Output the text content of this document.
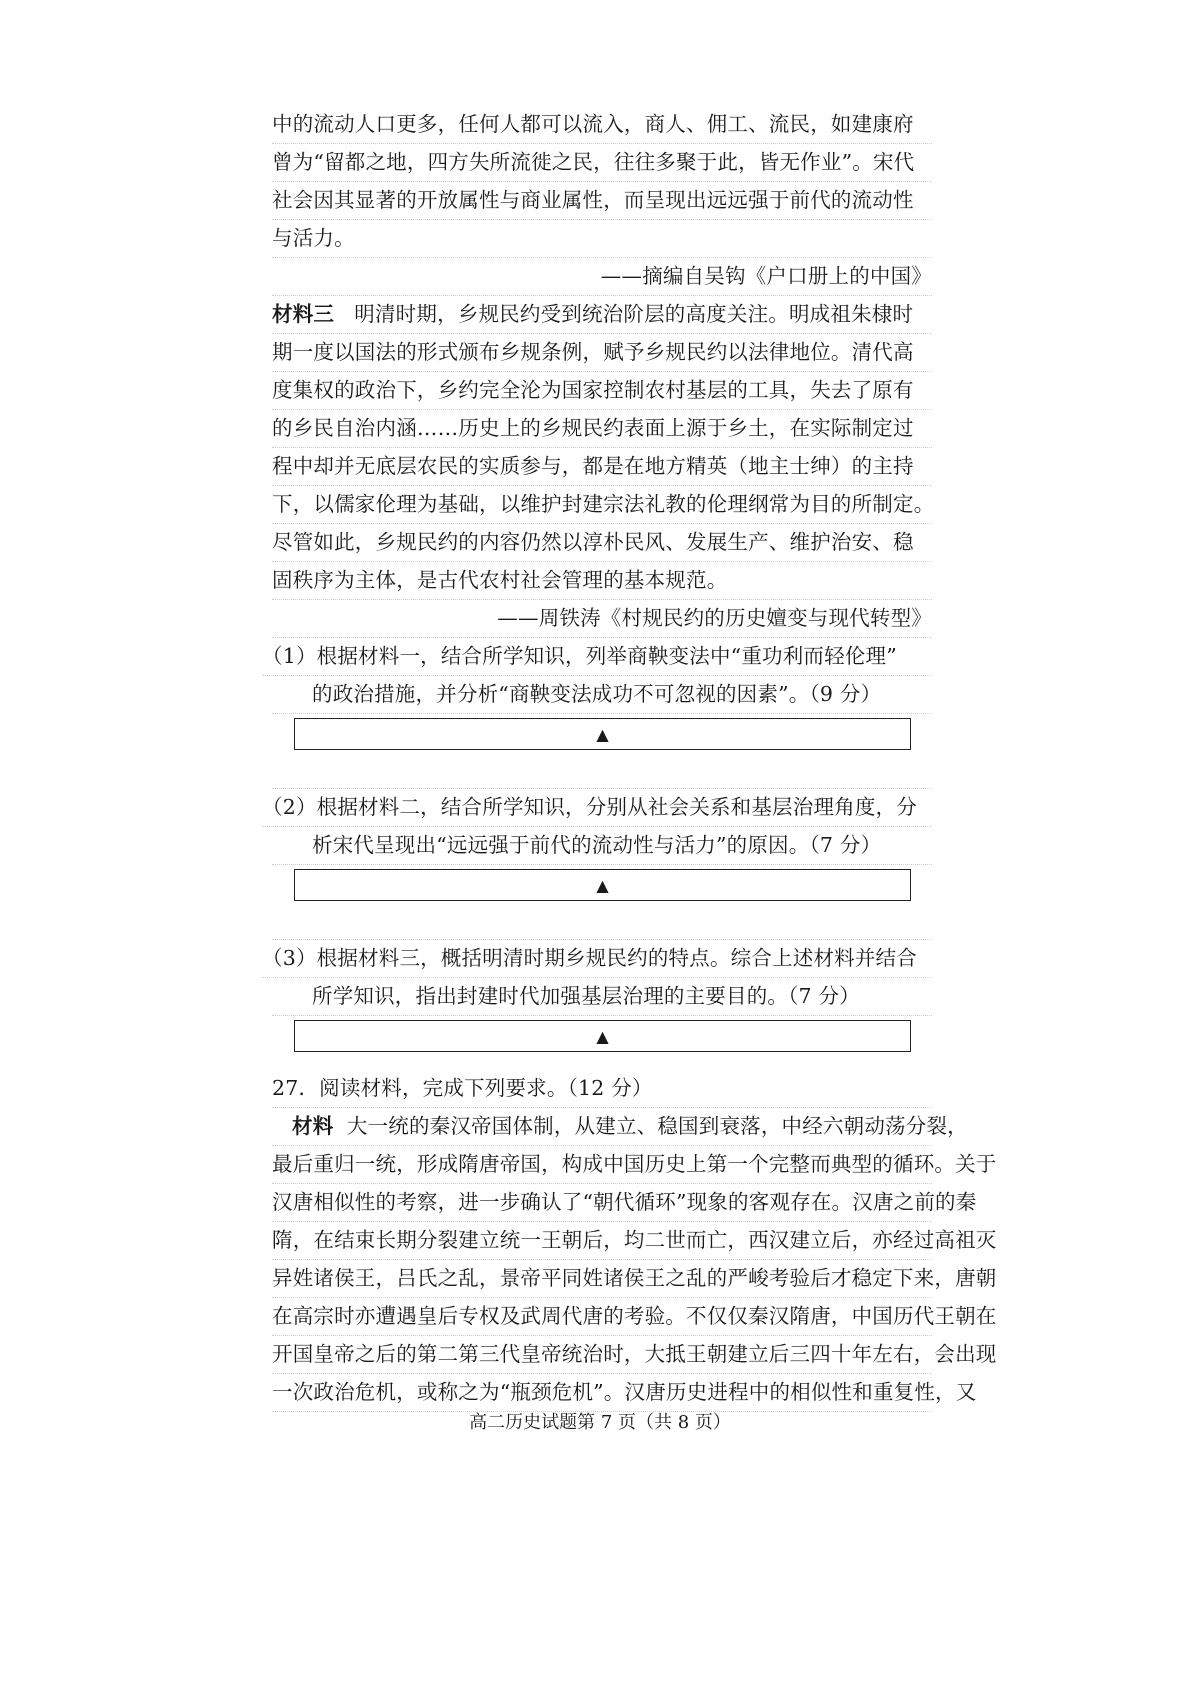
中的流动人口更多，任何人都可以流入，商人、佣工、流民，如建康府
曾为“留都之地，四方失所流徙之民，往往多聚于此，皆无作业”。宋代
社会因其显著的开放属性与商业属性，而呈现出远远强于前代的流动性
与活力。
——摘编自吴钩《户口册上的中国》
材料三 明清时期，乡规民约受到统治阶层的高度关注。明成祖朱棣时
期一度以国法的形式颁布乡规条例，赋予乡规民约以法律地位。清代高
度集权的政治下，乡约完全沦为国家控制农村基层的工具，失去了原有
的乡民自治内涵……历史上的乡规民约表面上源于乡土，在实际制定过
程中却并无底层农民的实质参与，都是在地方精英（地主士绅）的主持
下，以儒家伦理为基础，以维护封建宗法礼教的伦理纲常为目的所制定。
尽管如此，乡规民约的内容仍然以淳朴民风、发展生产、维护治安、稳
固秩序为主体，是古代农村社会管理的基本规范。
——周铁涛《村规民约的历史嬗变与现代转型》
（1）根据材料一，结合所学知识，列举商鞅变法中“重功利而轻伦理”
的政治措施，并分析“商鞅变法成功不可忽视的因素”。（9 分）
▲
（2）根据材料二，结合所学知识，分别从社会关系和基层治理角度，分
析宋代呈现出“远远强于前代的流动性与活力”的原因。（7 分）
▲
（3）根据材料三，概括明清时期乡规民约的特点。综合上述材料并结合
所学知识，指出封建时代加强基层治理的主要目的。（7 分）
▲
27．阅读材料，完成下列要求。（12 分）
材料 大一统的秦汉帝国体制，从建立、稳国到衰落，中经六朝动荡分裂，
最后重归一统，形成隋唐帝国，构成中国历史上第一个完整而典型的循环。关于
汉唐相似性的考察，进一步确认了“朝代循环”现象的客观存在。汉唐之前的秦
隋，在结束长期分裂建立统一王朝后，均二世而亡，西汉建立后，亦经过高祖灭
异姓诸侯王，吕氏之乱，景帝平同姓诸侯王之乱的严峻考验后才稳定下来，唐朝
在高宗时亦遭遇皇后专权及武周代唐的考验。不仅仅秦汉隋唐，中国历代王朝在
开国皇帝之后的第二第三代皇帝统治时，大抵王朝建立后三四十年左右，会出现
一次政治危机，或称之为“瓶颈危机”。汉唐历史进程中的相似性和重复性，又
高二历史试题第 7 页（共 8 页）
